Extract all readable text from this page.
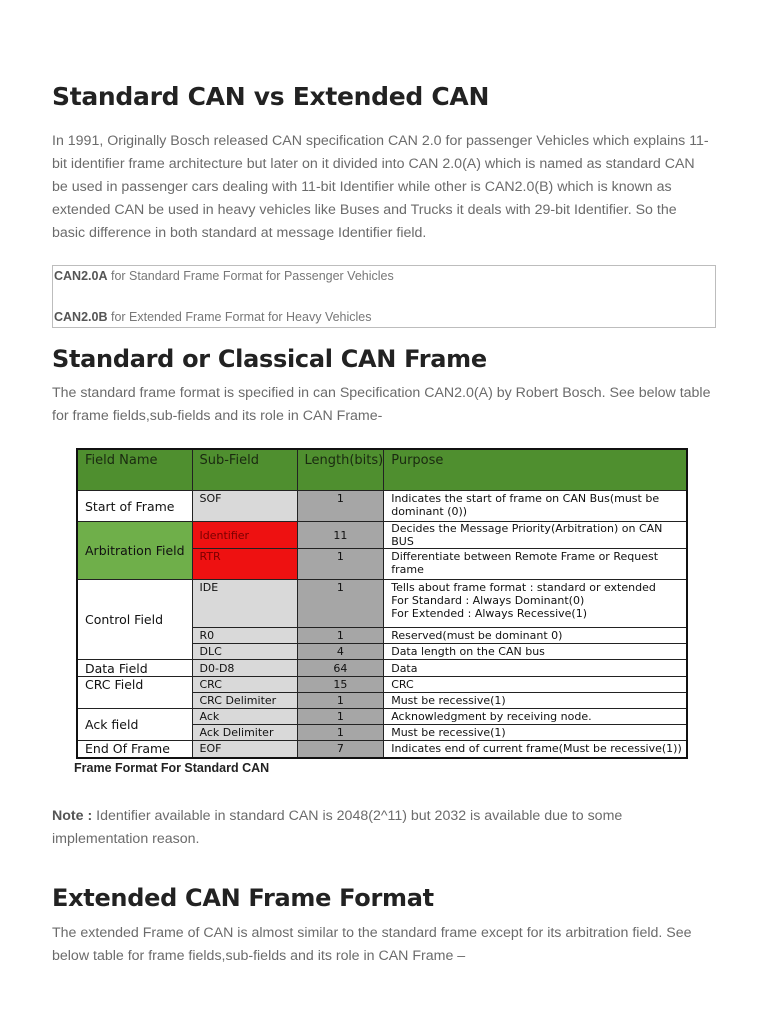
Standard CAN vs Extended CAN

In 1991, Originally Bosch released CAN specification CAN 2.0 for passenger Vehicles which explains 11- bit identifier frame architecture but later on it divided into CAN 2.0(A) which is named as standard CAN be used in passenger cars dealing with 11-bit Identifier while other is CAN2.0(B) which is known as extended CAN be used in heavy vehicles like Buses and Trucks it deals with 29-bit Identifier. So the basic difference in both standard at message Identifier field.

CAN2.0A for Standard Frame Format for Passenger Vehicles
CAN2.0B for Extended Frame Format for Heavy Vehicles
Standard or Classical CAN Frame

The standard frame format is specified in can Specification CAN2.0(A) by Robert Bosch. See below table for frame fields,sub-fields and its role in CAN Frame-

Field Name	Sub-Field	Length(bits)	Purpose
Start of Frame	SOF	1	Indicates the start of frame on CAN Bus(must be dominant (0))
Arbitration Field	Identifier	11	Decides the Message Priority(Arbitration) on CAN BUS
	RTR	1	Differentiate between Remote Frame or Request frame
Control Field	IDE	1	Tells about frame format : standard or extended
For Standard : Always Dominant(0)
For Extended : Always Recessive(1)

	R0	1	Reserved(must be dominant 0)
	DLC	4	Data length on the CAN bus
Data Field	D0-D8	64	Data
CRC Field	CRC	15	CRC
	CRC Delimiter	1	Must be recessive(1)
Ack field	Ack	1	Acknowledgment by receiving node.
	Ack Delimiter	1	Must be recessive(1)
End Of Frame	EOF	7	Indicates end of current frame(Must be recessive(1))
Frame Format For Standard CAN

Note : Identifier available in standard CAN is 2048(2^11) but 2032 is available due to some implementation reason.

Extended CAN Frame Format

The extended Frame of CAN is almost similar to the standard frame except for its arbitration field. See below table for frame fields,sub-fields and its role in CAN Frame –
